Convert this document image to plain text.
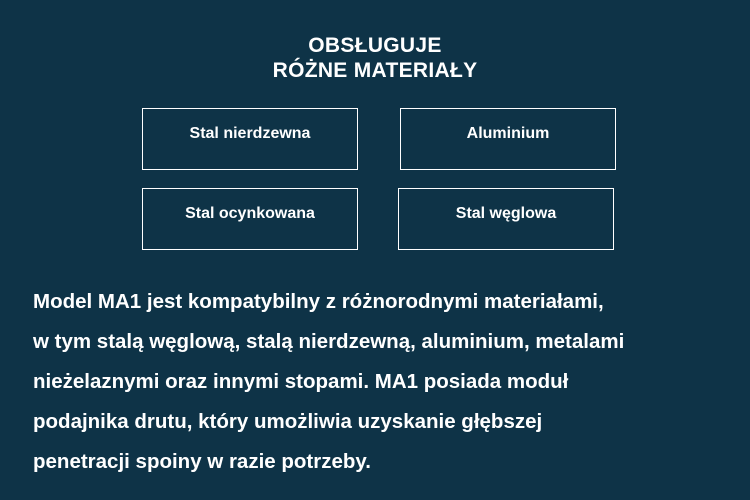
OBSŁUGUJE
RÓŻNE MATERIAŁY
Stal nierdzewna	Aluminium
Stal ocynkowana	Stal węglowa
Model MA1 jest kompatybilny z różnorodnymi materiałami,
w tym stalą węglową, stalą nierdzewną, aluminium, metalami
nieżelaznymi oraz innymi stopami. MA1 posiada moduł
podajnika drutu, który umożliwia uzyskanie głębszej
penetracji spoiny w razie potrzeby.
